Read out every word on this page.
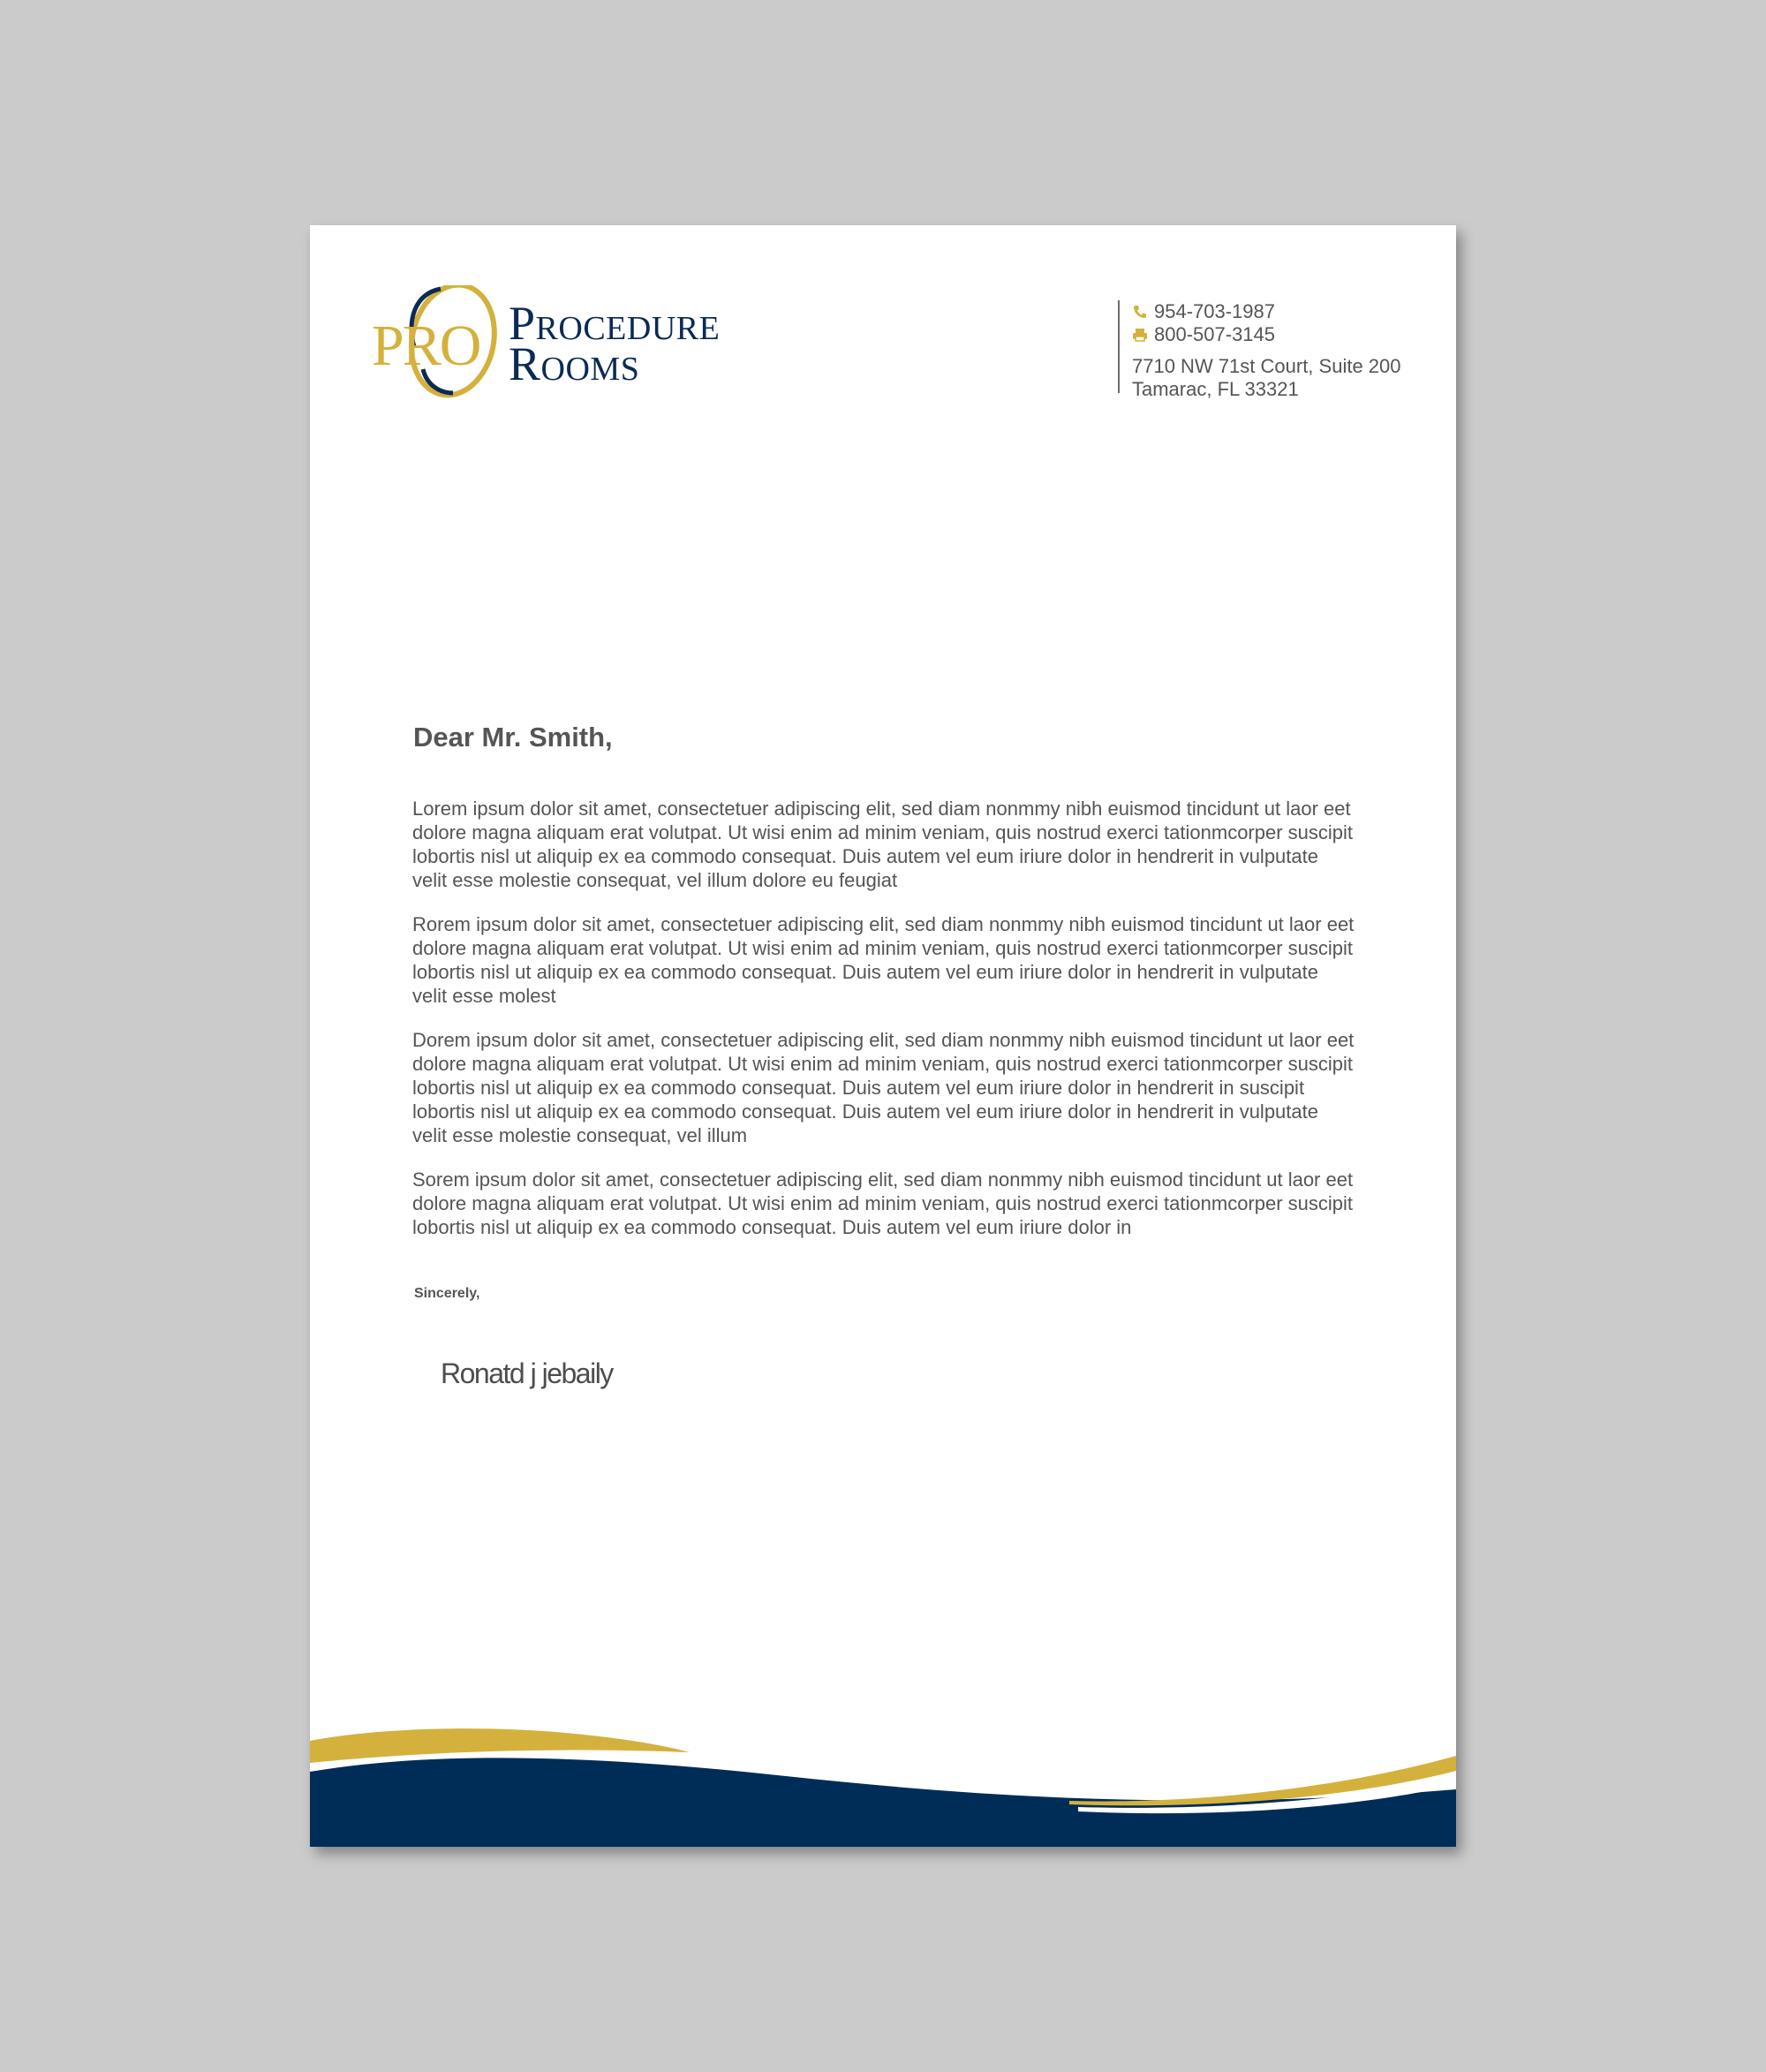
PRO Procedure
Rooms
954-703-1987
800-507-3145
7710 NW 71st Court, Suite 200
Tamarac, FL 33321
Dear Mr. Smith,

Lorem ipsum dolor sit amet, consectetuer adipiscing elit, sed diam nonmmy nibh euismod tincidunt ut laor eet dolore magna aliquam erat volutpat. Ut wisi enim ad minim veniam, quis nostrud exerci tationmcorper suscipit lobortis nisl ut aliquip ex ea commodo consequat. Duis autem vel eum iriure dolor in hendrerit in vulputate velit esse molestie consequat, vel illum dolore eu feugiat

Rorem ipsum dolor sit amet, consectetuer adipiscing elit, sed diam nonmmy nibh euismod tincidunt ut laor eet dolore magna aliquam erat volutpat. Ut wisi enim ad minim veniam, quis nostrud exerci tationmcorper suscipit lobortis nisl ut aliquip ex ea commodo consequat. Duis autem vel eum iriure dolor in hendrerit in vulputate velit esse molest

Dorem ipsum dolor sit amet, consectetuer adipiscing elit, sed diam nonmmy nibh euismod tincidunt ut laor eet dolore magna aliquam erat volutpat. Ut wisi enim ad minim veniam, quis nostrud exerci tationmcorper suscipit lobortis nisl ut aliquip ex ea commodo consequat. Duis autem vel eum iriure dolor in hendrerit in suscipit lobortis nisl ut aliquip ex ea commodo consequat. Duis autem vel eum iriure dolor in hendrerit in vulputate velit esse molestie consequat, vel illum

Sorem ipsum dolor sit amet, consectetuer adipiscing elit, sed diam nonmmy nibh euismod tincidunt ut laor eet dolore magna aliquam erat volutpat. Ut wisi enim ad minim veniam, quis nostrud exerci tationmcorper suscipit lobortis nisl ut aliquip ex ea commodo consequat. Duis autem vel eum iriure dolor in

Sincerely,
Ronatd j jebaily
